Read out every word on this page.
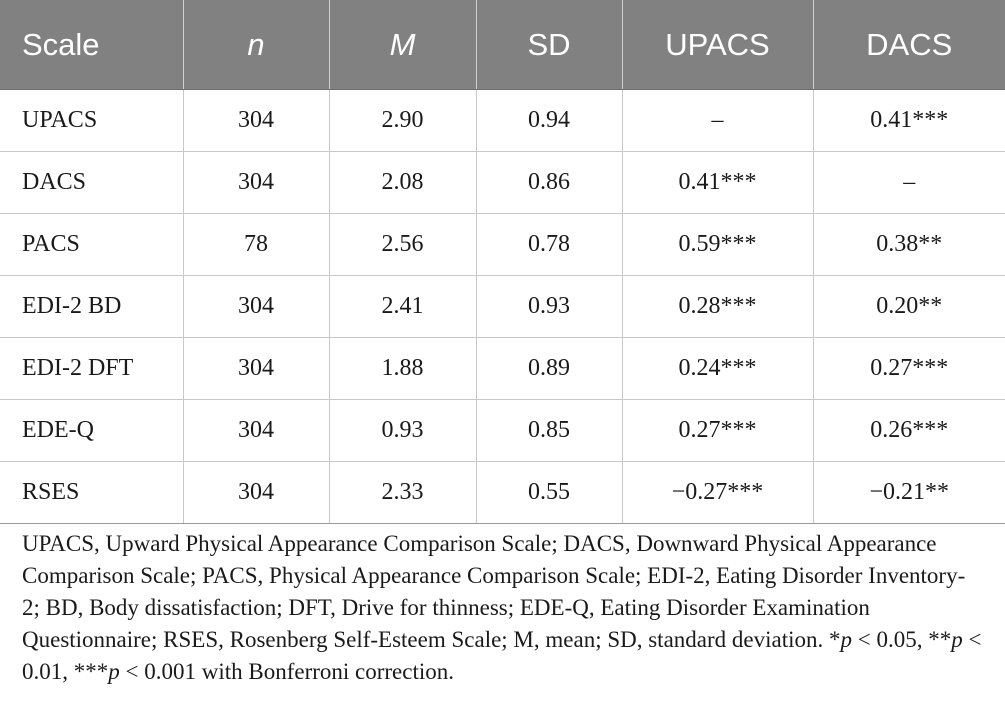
Scale	n	M	SD	UPACS	DACS
UPACS	304	2.90	0.94	–	0.41***
DACS	304	2.08	0.86	0.41***	–
PACS	78	2.56	0.78	0.59***	0.38**
EDI-2 BD	304	2.41	0.93	0.28***	0.20**
EDI-2 DFT	304	1.88	0.89	0.24***	0.27***
EDE-Q	304	0.93	0.85	0.27***	0.26***
RSES	304	2.33	0.55	−0.27***	−0.21**
UPACS, Upward Physical Appearance Comparison Scale; DACS, Downward Physical Appearance Comparison Scale; PACS, Physical Appearance Comparison Scale; EDI-2, Eating Disorder Inventory-2; BD, Body dissatisfaction; DFT, Drive for thinness; EDE-Q, Eating Disorder Examination Questionnaire; RSES, Rosenberg Self-Esteem Scale; M, mean; SD, standard deviation. *p < 0.05, **p < 0.01, ***p < 0.001 with Bonferroni correction.
